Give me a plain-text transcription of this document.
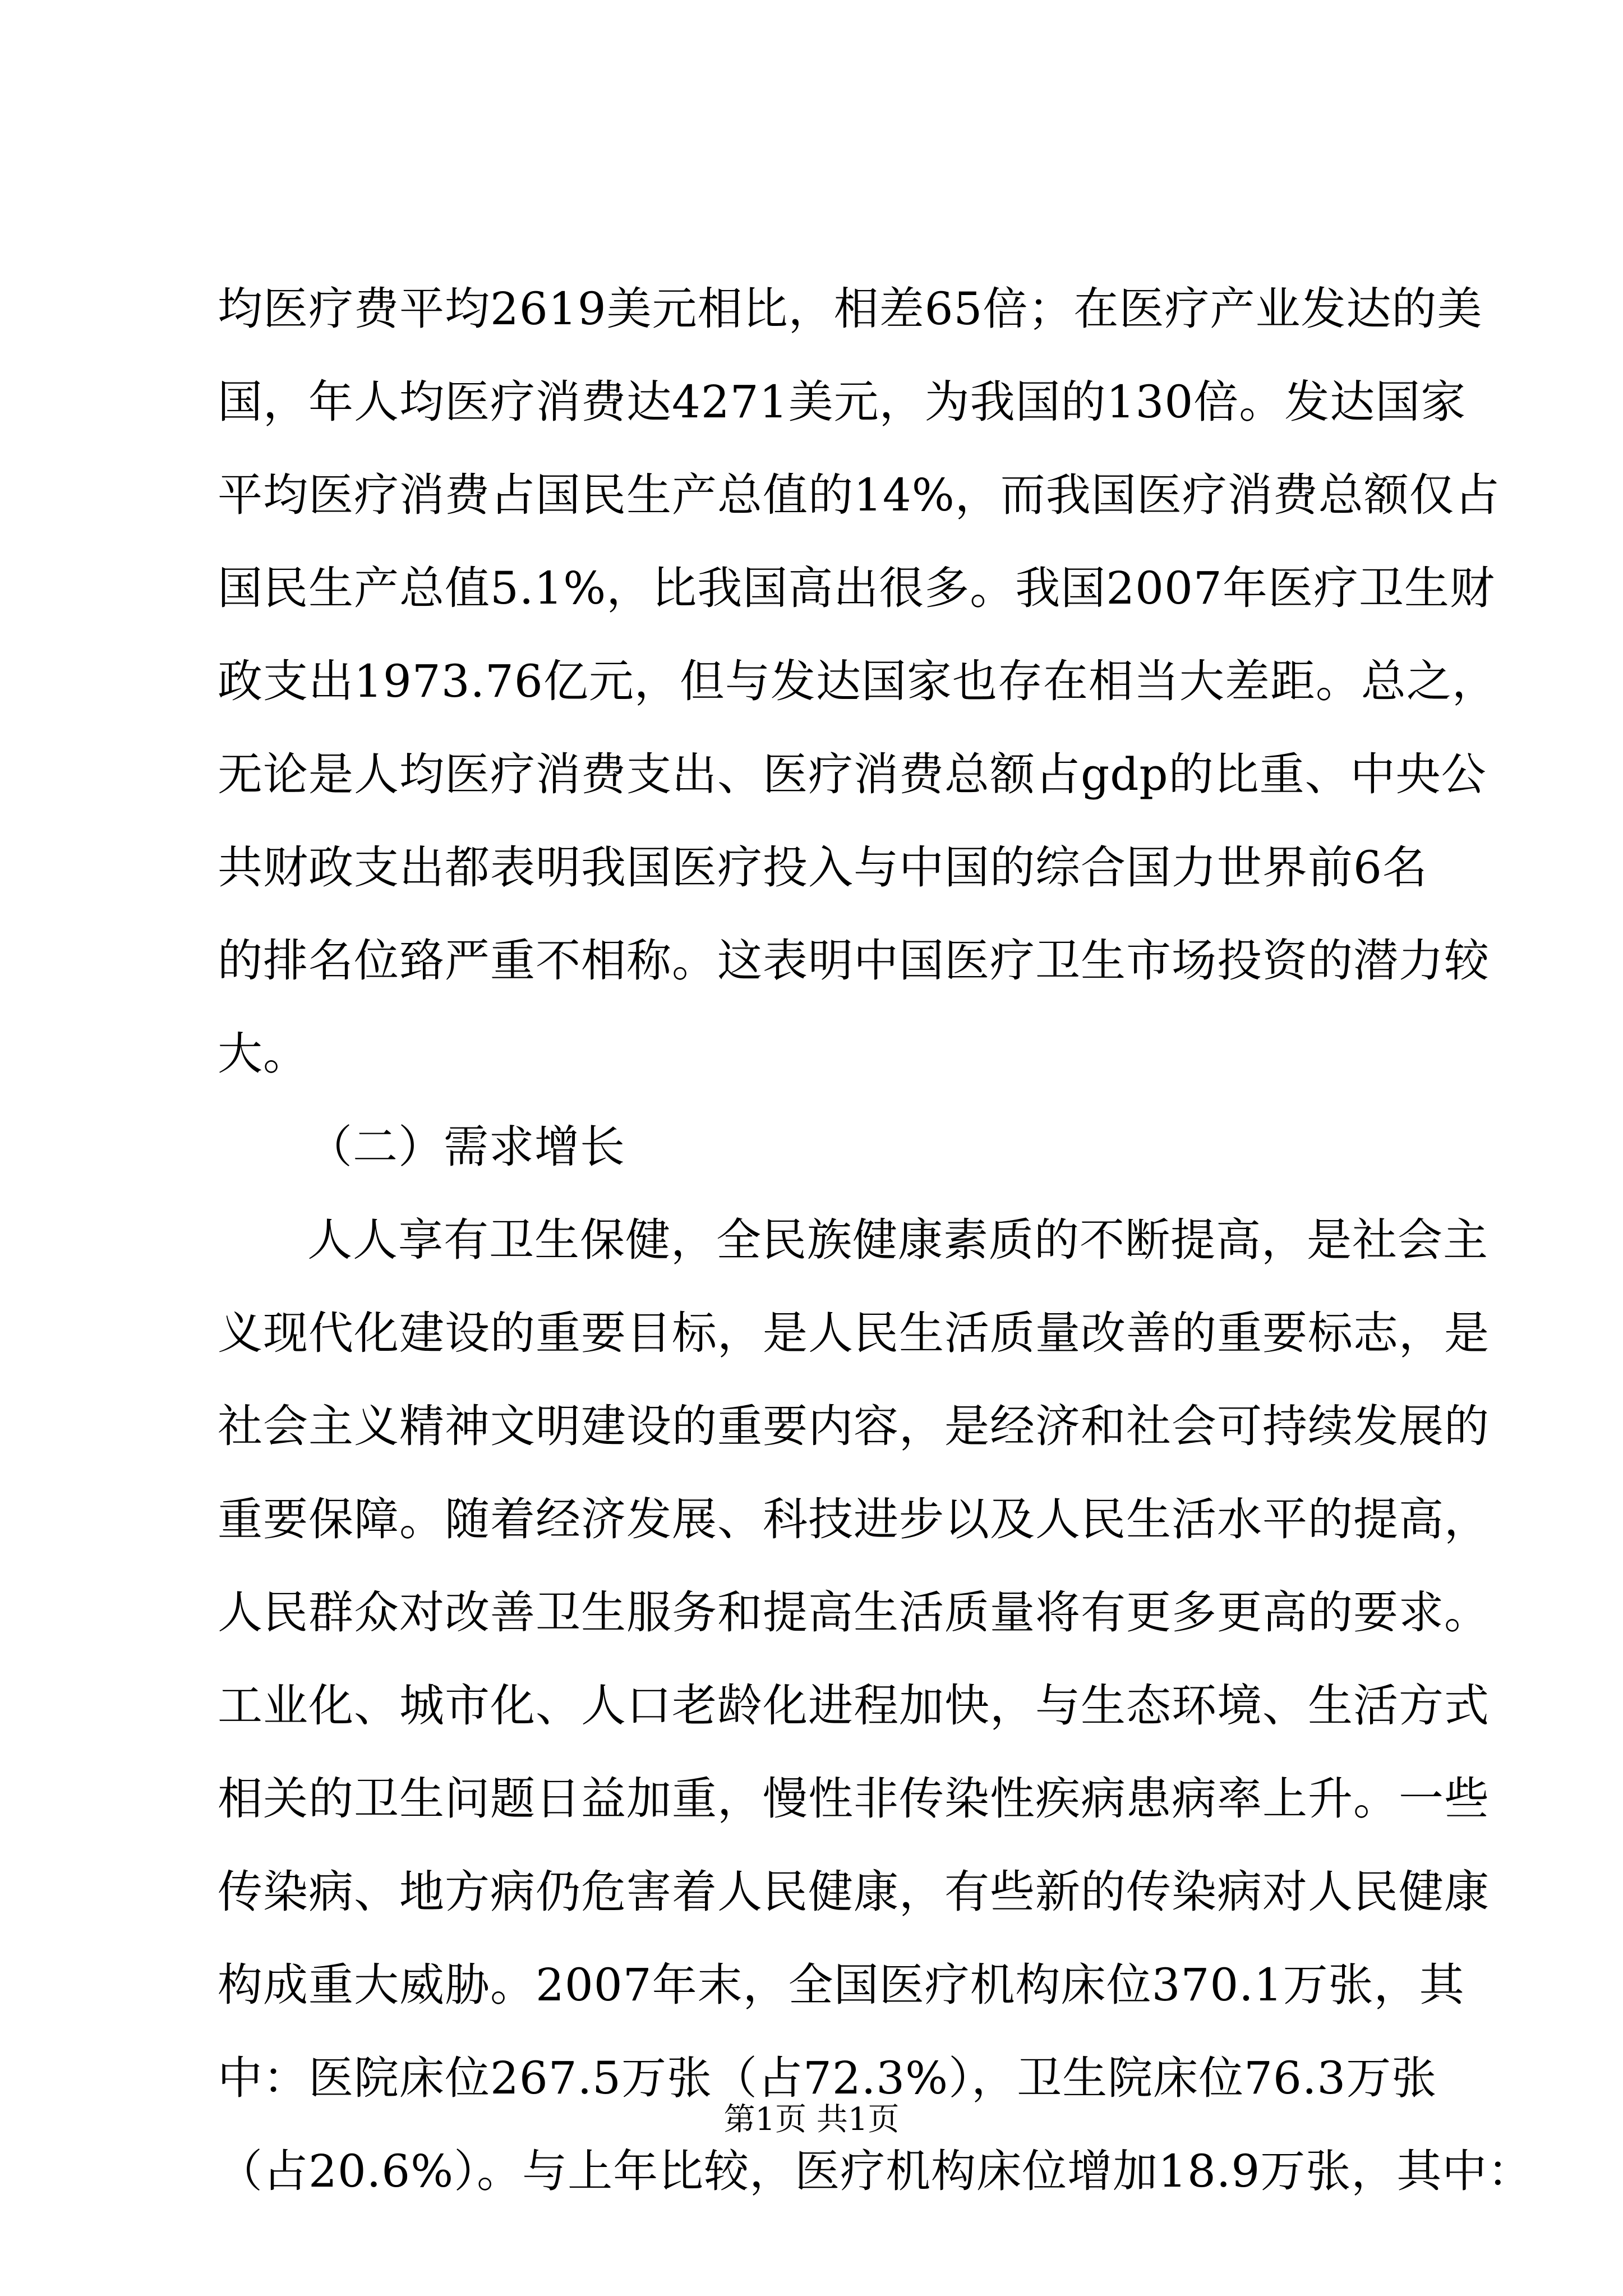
均医疗费平均2619美元相比，相差65倍；在医疗产业发达的美
国，年人均医疗消费达4271美元，为我国的130倍。发达国家
平均医疗消费占国民生产总值的14%，而我国医疗消费总额仅占
国民生产总值5.1%，比我国高出很多。我国2007年医疗卫生财
政支出1973.76亿元，但与发达国家也存在相当大差距。总之，
无论是人均医疗消费支出、医疗消费总额占gdp的比重、中央公
共财政支出都表明我国医疗投入与中国的综合国力世界前6名
的排名位臵严重不相称。这表明中国医疗卫生市场投资的潜力较
大。
（二）需求增长
人人享有卫生保健，全民族健康素质的不断提高，是社会主
义现代化建设的重要目标，是人民生活质量改善的重要标志，是
社会主义精神文明建设的重要内容，是经济和社会可持续发展的
重要保障。随着经济发展、科技进步以及人民生活水平的提高，
人民群众对改善卫生服务和提高生活质量将有更多更高的要求。
工业化、城市化、人口老龄化进程加快，与生态环境、生活方式
相关的卫生问题日益加重，慢性非传染性疾病患病率上升。一些
传染病、地方病仍危害着人民健康，有些新的传染病对人民健康
构成重大威胁。2007年末，全国医疗机构床位370.1万张，其
中：医院床位267.5万张（占72.3%），卫生院床位76.3万张
（占20.6%）。与上年比较，医疗机构床位增加18.9万张，其中：
第1页 共1页
